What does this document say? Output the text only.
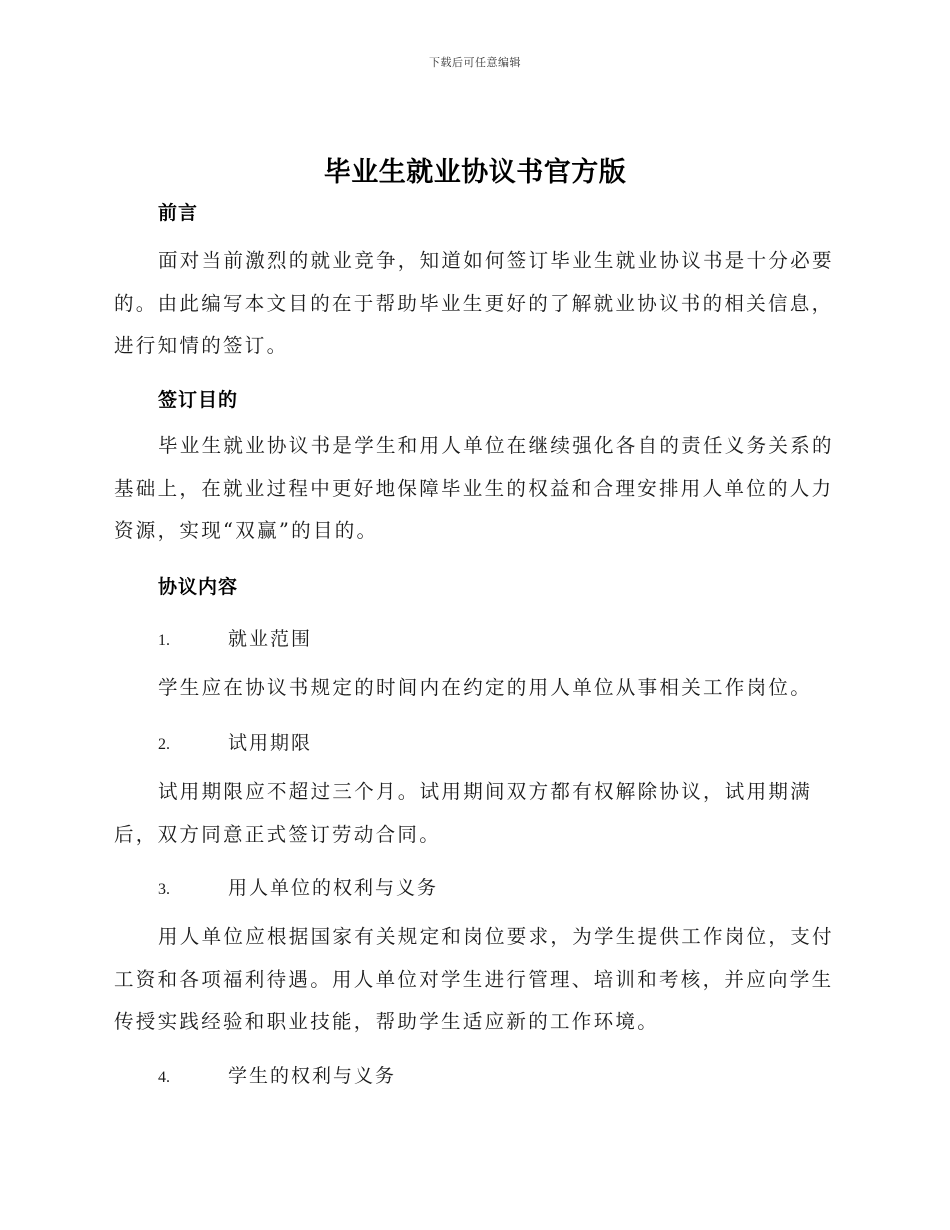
下载后可任意编辑
毕业生就业协议书官方版
前言

面对当前激烈的就业竞争，知道如何签订毕业生就业协议书是十分必要的。由此编写本文目的在于帮助毕业生更好的了解就业协议书的相关信息，进行知情的签订。

签订目的

毕业生就业协议书是学生和用人单位在继续强化各自的责任义务关系的基础上，在就业过程中更好地保障毕业生的权益和合理安排用人单位的人力资源，实现“双赢”的目的。

协议内容
1.	就业范围

学生应在协议书规定的时间内在约定的用人单位从事相关工作岗位。

2.	试用期限

试用期限应不超过三个月。试用期间双方都有权解除协议，试用期满后，双方同意正式签订劳动合同。

3.	用人单位的权利与义务

用人单位应根据国家有关规定和岗位要求，为学生提供工作岗位，支付工资和各项福利待遇。用人单位对学生进行管理、培训和考核，并应向学生传授实践经验和职业技能，帮助学生适应新的工作环境。

4.	学生的权利与义务
